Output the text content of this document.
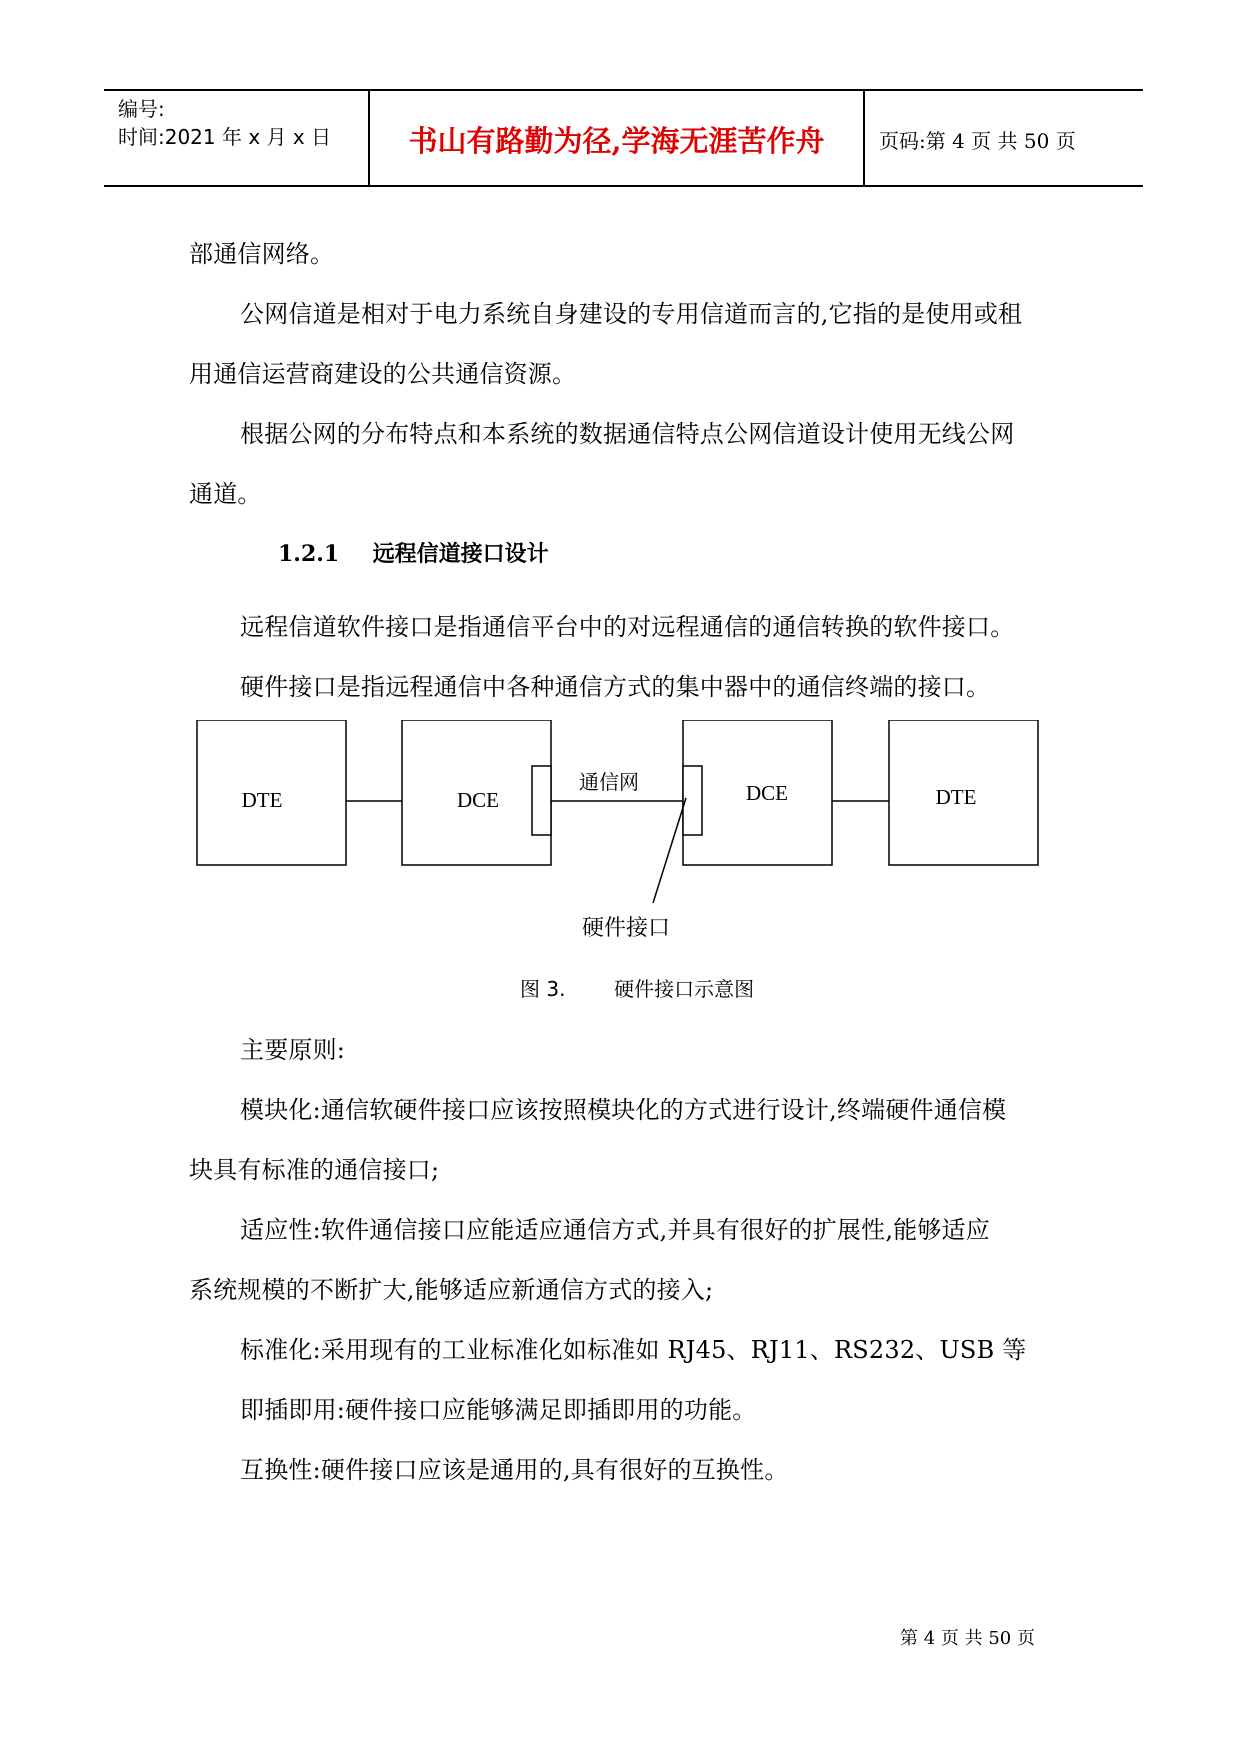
编号:
时间:2021 年 x 月 x 日	书山有路勤为径,学海无涯苦作舟	页码:第 4 页 共 50 页
部通信网络。
公网信道是相对于电力系统自身建设的专用信道而言的,它指的是使用或租
用通信运营商建设的公共通信资源。
根据公网的分布特点和本系统的数据通信特点公网信道设计使用无线公网
通道。
1.2.1 远程信道接口设计
远程信道软件接口是指通信平台中的对远程通信的通信转换的软件接口。
硬件接口是指远程通信中各种通信方式的集中器中的通信终端的接口。
DTE	DCE
通信网	DCE	DTE
硬件接口
图 3. 硬件接口示意图
主要原则:
模块化:通信软硬件接口应该按照模块化的方式进行设计,终端硬件通信模
块具有标准的通信接口;
适应性:软件通信接口应能适应通信方式,并具有很好的扩展性,能够适应
系统规模的不断扩大,能够适应新通信方式的接入;
标准化:采用现有的工业标准化如标准如 RJ45、RJ11、RS232、USB 等
即插即用:硬件接口应能够满足即插即用的功能。
互换性:硬件接口应该是通用的,具有很好的互换性。
第 4 页 共 50 页
